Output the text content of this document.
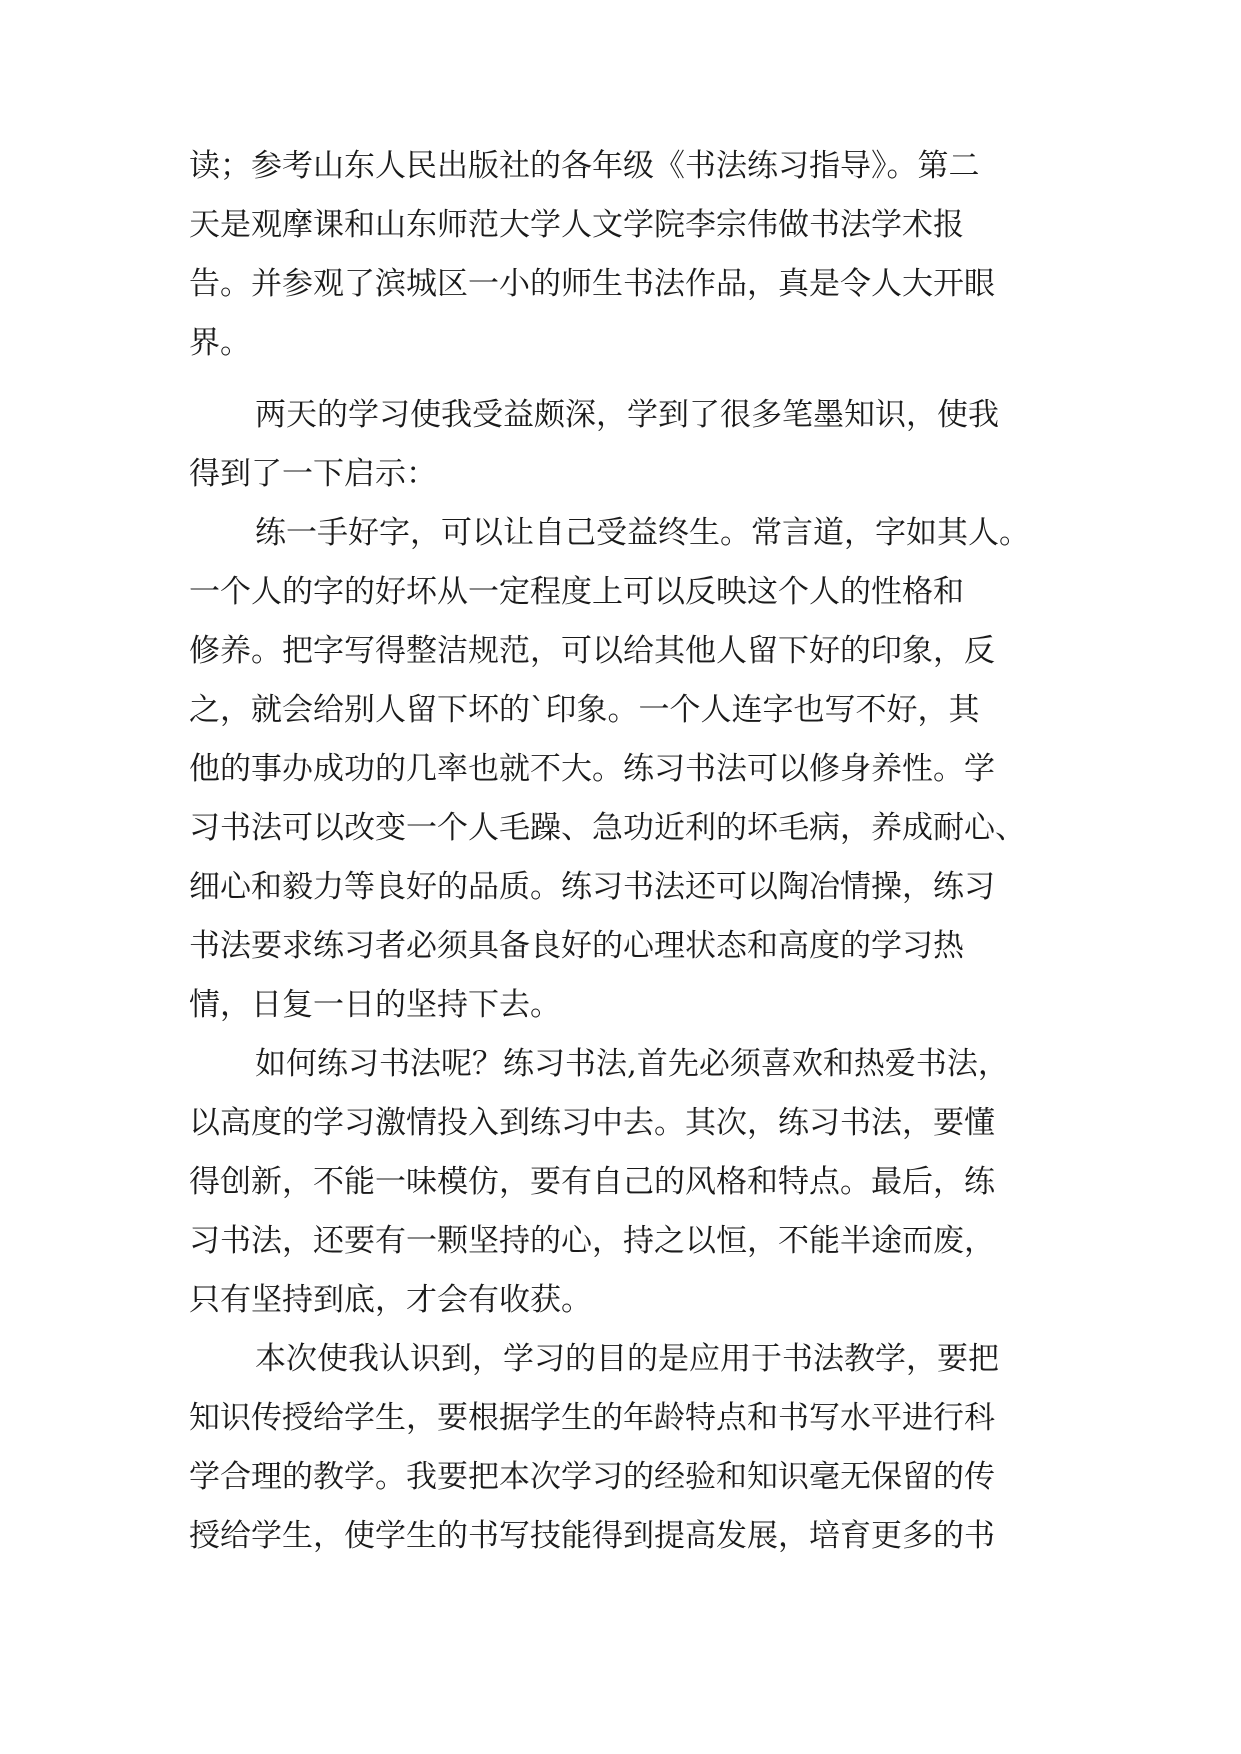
读；参考山东人民出版社的各年级《书法练习指导》。第二
天是观摩课和山东师范大学人文学院李宗伟做书法学术报
告。并参观了滨城区一小的师生书法作品，真是令人大开眼
界。
两天的学习使我受益颇深，学到了很多笔墨知识，使我
得到了一下启示：
练一手好字，可以让自己受益终生。常言道，字如其人。
一个人的字的好坏从一定程度上可以反映这个人的性格和
修养。把字写得整洁规范，可以给其他人留下好的印象，反
之，就会给别人留下坏的`印象。一个人连字也写不好，其
他的事办成功的几率也就不大。练习书法可以修身养性。学
习书法可以改变一个人毛躁、急功近利的坏毛病，养成耐心、
细心和毅力等良好的品质。练习书法还可以陶冶情操，练习
书法要求练习者必须具备良好的心理状态和高度的学习热
情，日复一日的坚持下去。
如何练习书法呢？练习书法,首先必须喜欢和热爱书法，
以高度的学习激情投入到练习中去。其次，练习书法，要懂
得创新，不能一味模仿，要有自己的风格和特点。最后，练
习书法，还要有一颗坚持的心，持之以恒，不能半途而废，
只有坚持到底，才会有收获。
本次使我认识到，学习的目的是应用于书法教学，要把
知识传授给学生，要根据学生的年龄特点和书写水平进行科
学合理的教学。我要把本次学习的经验和知识毫无保留的传
授给学生，使学生的书写技能得到提高发展，培育更多的书
